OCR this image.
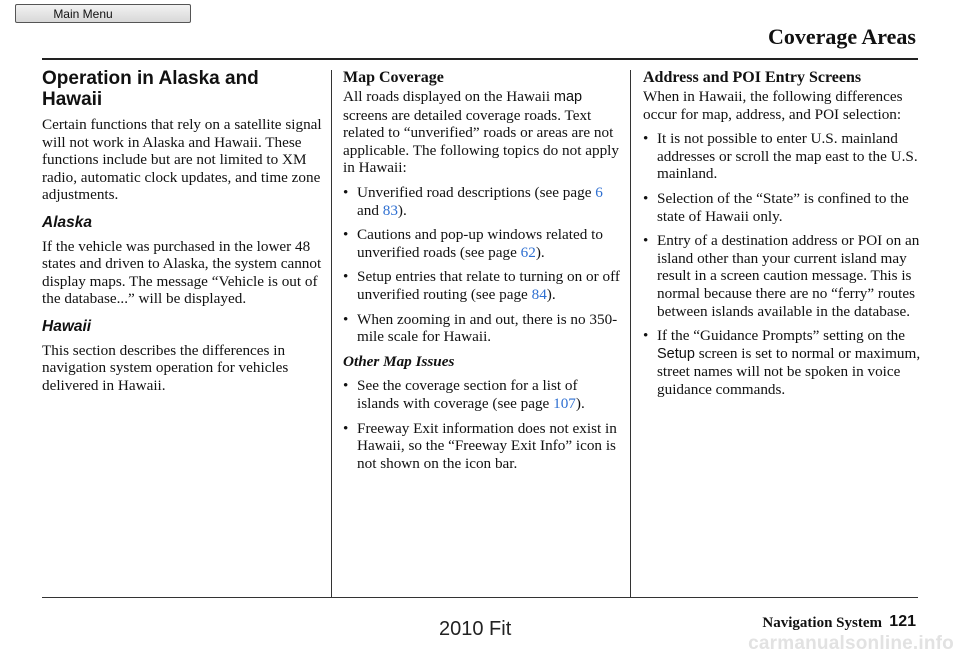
Main Menu
Coverage Areas
Operation in Alaska and Hawaii

Certain functions that rely on a satellite signal will not work in Alaska and Hawaii. These functions include but are not limited to XM radio, automatic clock updates, and time zone adjustments.

Alaska

If the vehicle was purchased in the lower 48 states and driven to Alaska, the system cannot display maps. The message “Vehicle is out of the database...” will be displayed.

Hawaii

This section describes the differences in navigation system operation for vehicles delivered in Hawaii.

Map Coverage

All roads displayed on the Hawaii map screens are detailed coverage roads. Text related to “unverified” roads or areas are not applicable. The following topics do not apply in Hawaii:

• Unverified road descriptions (see page 6 and 83).
• Cautions and pop-up windows related to unverified roads (see page 62).
• Setup entries that relate to turning on or off unverified routing (see page 84).
• When zooming in and out, there is no 350-mile scale for Hawaii.
Other Map Issues
• See the coverage section for a list of islands with coverage (see page 107).
• Freeway Exit information does not exist in Hawaii, so the “Freeway Exit Info” icon is not shown on the icon bar.
Address and POI Entry Screens

When in Hawaii, the following differences occur for map, address, and POI selection:

• It is not possible to enter U.S. mainland addresses or scroll the map east to the U.S. mainland.
• Selection of the “State” is confined to the state of Hawaii only.
• Entry of a destination address or POI on an island other than your current island may result in a screen caution message. This is normal because there are no “ferry” routes between islands available in the database.
• If the “Guidance Prompts” setting on the Setup screen is set to normal or maximum, street names will not be spoken in voice guidance commands.
Navigation System 121
2010 Fit
carmanualsonline.info
